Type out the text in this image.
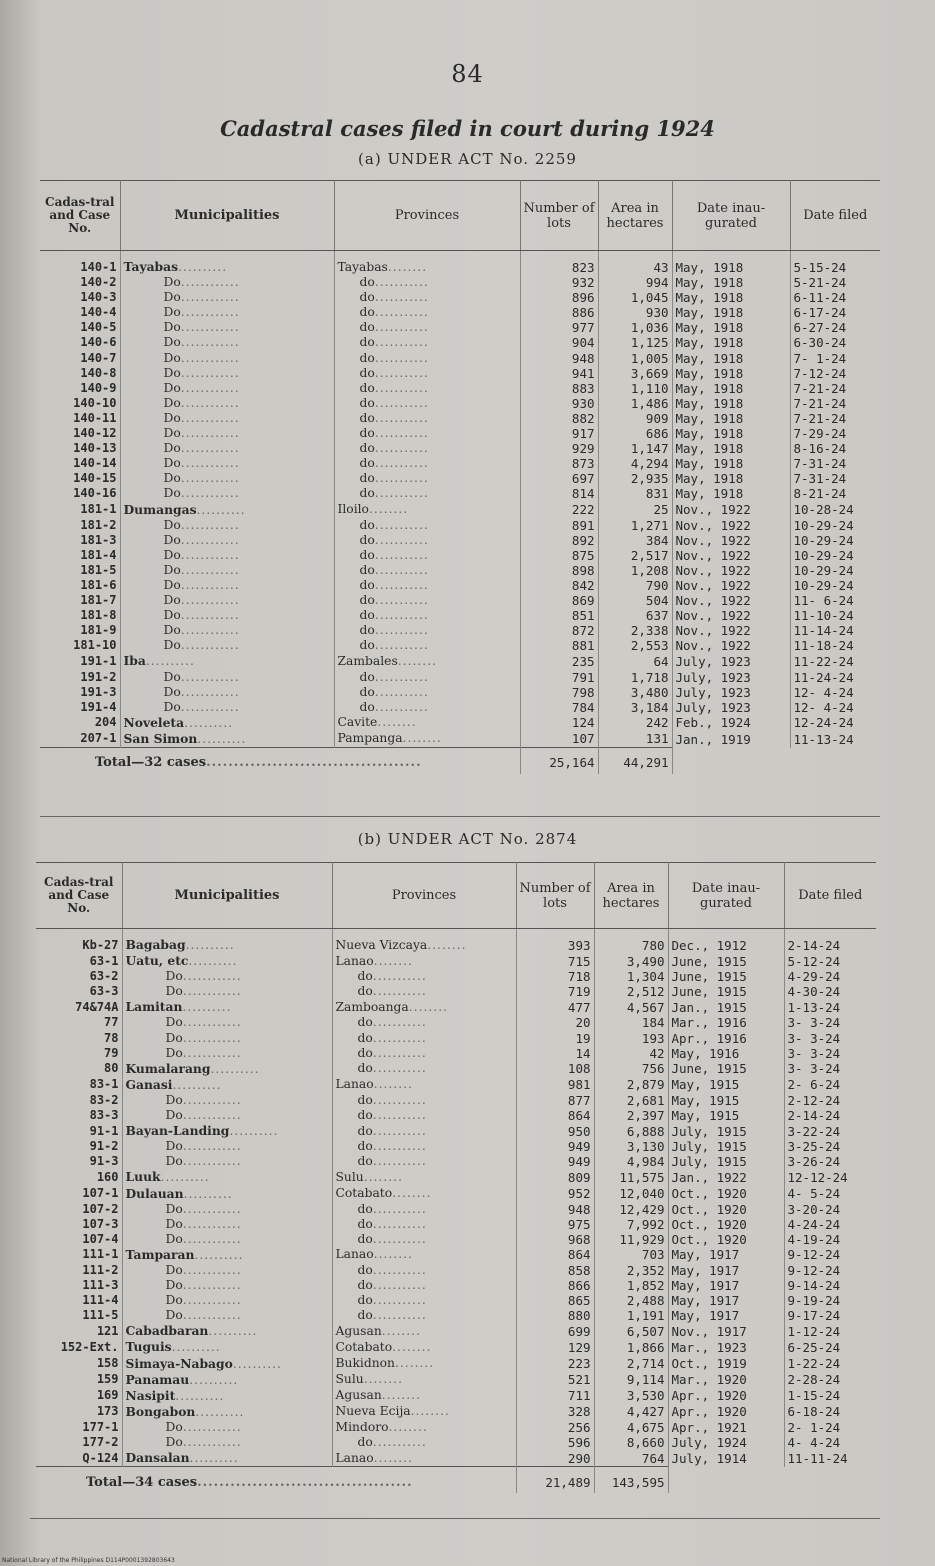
84
Cadastral cases filed in court during 1924
(a) UNDER ACT No. 2259
Cadas-tral and Case No.	Municipalities	Provinces	Number of lots	Area in hectares	Date inau-gurated	Date filed
140-1	Tayabas..........	Tayabas........	823	43	May, 1918	5-15-24
140-2	Do............	do...........	932	994	May, 1918	5-21-24
140-3	Do............	do...........	896	1,045	May, 1918	6-11-24
140-4	Do............	do...........	886	930	May, 1918	6-17-24
140-5	Do............	do...........	977	1,036	May, 1918	6-27-24
140-6	Do............	do...........	904	1,125	May, 1918	6-30-24
140-7	Do............	do...........	948	1,005	May, 1918	7- 1-24
140-8	Do............	do...........	941	3,669	May, 1918	7-12-24
140-9	Do............	do...........	883	1,110	May, 1918	7-21-24
140-10	Do............	do...........	930	1,486	May, 1918	7-21-24
140-11	Do............	do...........	882	909	May, 1918	7-21-24
140-12	Do............	do...........	917	686	May, 1918	7-29-24
140-13	Do............	do...........	929	1,147	May, 1918	8-16-24
140-14	Do............	do...........	873	4,294	May, 1918	7-31-24
140-15	Do............	do...........	697	2,935	May, 1918	7-31-24
140-16	Do............	do...........	814	831	May, 1918	8-21-24
181-1	Dumangas..........	Iloilo........	222	25	Nov., 1922	10-28-24
181-2	Do............	do...........	891	1,271	Nov., 1922	10-29-24
181-3	Do............	do...........	892	384	Nov., 1922	10-29-24
181-4	Do............	do...........	875	2,517	Nov., 1922	10-29-24
181-5	Do............	do...........	898	1,208	Nov., 1922	10-29-24
181-6	Do............	do...........	842	790	Nov., 1922	10-29-24
181-7	Do............	do...........	869	504	Nov., 1922	11- 6-24
181-8	Do............	do...........	851	637	Nov., 1922	11-10-24
181-9	Do............	do...........	872	2,338	Nov., 1922	11-14-24
181-10	Do............	do...........	881	2,553	Nov., 1922	11-18-24
191-1	Iba..........	Zambales........	235	64	July, 1923	11-22-24
191-2	Do............	do...........	791	1,718	July, 1923	11-24-24
191-3	Do............	do...........	798	3,480	July, 1923	12- 4-24
191-4	Do............	do...........	784	3,184	July, 1923	12- 4-24
204	Noveleta..........	Cavite........	124	242	Feb., 1924	12-24-24
207-1	San Simon..........	Pampanga........	107	131	Jan., 1919	11-13-24
Total—32 cases.......................................			25,164	44,291		
(b) UNDER ACT No. 2874
Cadas-tral and Case No.	Municipalities	Provinces	Number of lots	Area in hectares	Date inau-gurated	Date filed
Kb-27	Bagabag..........	Nueva Vizcaya........	393	780	Dec., 1912	2-14-24
63-1	Uatu, etc..........	Lanao........	715	3,490	June, 1915	5-12-24
63-2	Do............	do...........	718	1,304	June, 1915	4-29-24
63-3	Do............	do...........	719	2,512	June, 1915	4-30-24
74&74A	Lamitan..........	Zamboanga........	477	4,567	Jan., 1915	1-13-24
77	Do............	do...........	20	184	Mar., 1916	3- 3-24
78	Do............	do...........	19	193	Apr., 1916	3- 3-24
79	Do............	do...........	14	42	May, 1916	3- 3-24
80	Kumalarang..........	do...........	108	756	June, 1915	3- 3-24
83-1	Ganasi..........	Lanao........	981	2,879	May, 1915	2- 6-24
83-2	Do............	do...........	877	2,681	May, 1915	2-12-24
83-3	Do............	do...........	864	2,397	May, 1915	2-14-24
91-1	Bayan-Landing..........	do...........	950	6,888	July, 1915	3-22-24
91-2	Do............	do...........	949	3,130	July, 1915	3-25-24
91-3	Do............	do...........	949	4,984	July, 1915	3-26-24
160	Luuk..........	Sulu........	809	11,575	Jan., 1922	12-12-24
107-1	Dulauan..........	Cotabato........	952	12,040	Oct., 1920	4- 5-24
107-2	Do............	do...........	948	12,429	Oct., 1920	3-20-24
107-3	Do............	do...........	975	7,992	Oct., 1920	4-24-24
107-4	Do............	do...........	968	11,929	Oct., 1920	4-19-24
111-1	Tamparan..........	Lanao........	864	703	May, 1917	9-12-24
111-2	Do............	do...........	858	2,352	May, 1917	9-12-24
111-3	Do............	do...........	866	1,852	May, 1917	9-14-24
111-4	Do............	do...........	865	2,488	May, 1917	9-19-24
111-5	Do............	do...........	880	1,191	May, 1917	9-17-24
121	Cabadbaran..........	Agusan........	699	6,507	Nov., 1917	1-12-24
152-Ext.	Tuguis..........	Cotabato........	129	1,866	Mar., 1923	6-25-24
158	Simaya-Nabago..........	Bukidnon........	223	2,714	Oct., 1919	1-22-24
159	Panamau..........	Sulu........	521	9,114	Mar., 1920	2-28-24
169	Nasipit..........	Agusan........	711	3,530	Apr., 1920	1-15-24
173	Bongabon..........	Nueva Ecija........	328	4,427	Apr., 1920	6-18-24
177-1	Do............	Mindoro........	256	4,675	Apr., 1921	2- 1-24
177-2	Do............	do...........	596	8,660	July, 1924	4- 4-24
Q-124	Dansalan..........	Lanao........	290	764	July, 1914	11-11-24
Total—34 cases.......................................			21,489	143,595		
National Library of the Philippines D114P0001392803643
